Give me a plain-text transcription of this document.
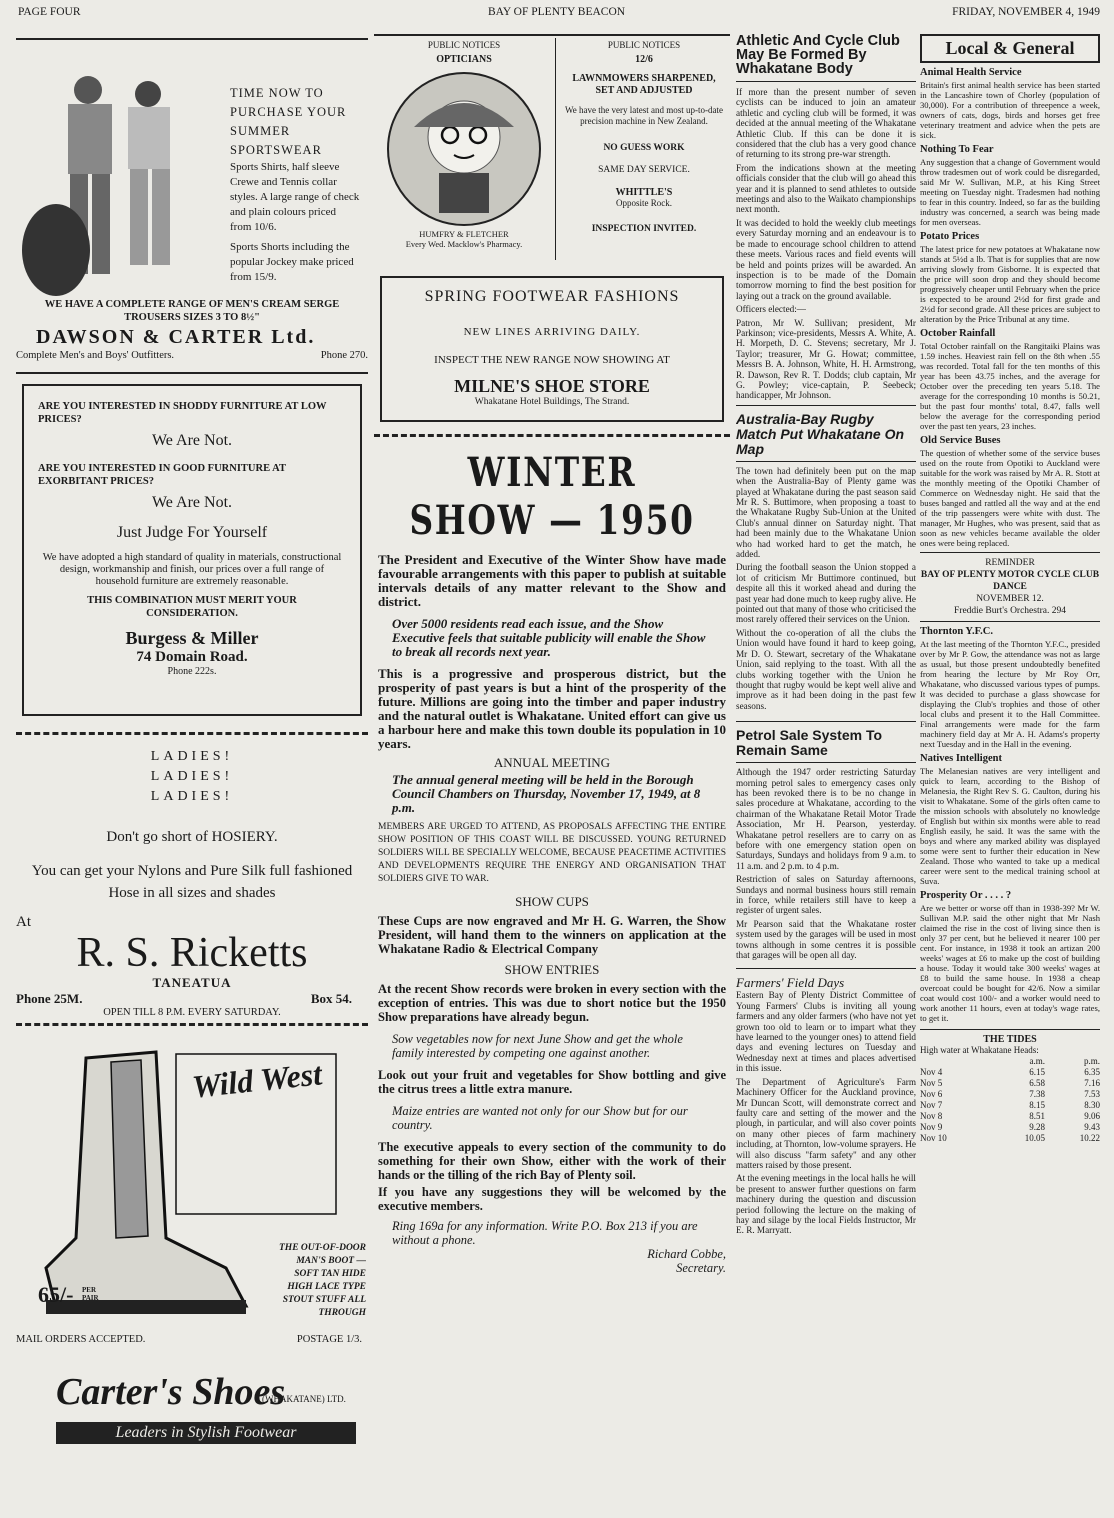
PAGE FOUR	BAY OF PLENTY BEACON	FRIDAY, NOVEMBER 4, 1949
TIME NOW TO PURCHASE YOUR SUMMER SPORTSWEAR
Sports Shirts, half sleeve Crewe and Tennis collar styles. A large range of check and plain colours priced from 10/6.
Sports Shorts including the popular Jockey make priced from 15/9.
WE HAVE A COMPLETE RANGE OF MEN'S CREAM SERGE TROUSERS SIZES 3 TO 8½"
DAWSON & CARTER Ltd.
Complete Men's and Boys' Outfitters.	Phone 270.
ARE YOU INTERESTED IN SHODDY FURNITURE AT LOW PRICES?
We Are Not.
ARE YOU INTERESTED IN GOOD FURNITURE AT EXORBITANT PRICES?
We Are Not.
Just Judge For Yourself
We have adopted a high standard of quality in materials, constructional design, workmanship and finish, our prices over a full range of household furniture are extremely reasonable.
THIS COMBINATION MUST MERIT YOUR CONSIDERATION.
Burgess & Miller
74 Domain Road.
Phone 222s.
LADIES!
LADIES!
LADIES!
Don't go short of HOSIERY.
You can get your Nylons and Pure Silk full fashioned Hose in all sizes and shades
At
R. S. Ricketts
TANEATUA
Phone 25M.	Box 54.
OPEN TILL 8 P.M. EVERY SATURDAY.
Wild West
THE OUT-OF-DOOR MAN'S BOOT —
SOFT TAN HIDE
HIGH LACE TYPE
STOUT STUFF ALL THROUGH
65/- PER PAIR
MAIL ORDERS ACCEPTED.	POSTAGE 1/3.
Carter's Shoes
(WHAKATANE) LTD.
Leaders in Stylish Footwear
PUBLIC NOTICES
OPTICIANS
HUMFRY & FLETCHER
Every Wed. Macklow's Pharmacy.
PUBLIC NOTICES
12/6
LAWNMOWERS SHARPENED, SET AND ADJUSTED
We have the very latest and most up-to-date precision machine in New Zealand.
NO GUESS WORK
SAME DAY SERVICE.
WHITTLE'S
Opposite Rock.
INSPECTION INVITED.
SPRING FOOTWEAR FASHIONS
NEW LINES ARRIVING DAILY.
INSPECT THE NEW RANGE NOW SHOWING AT
MILNE'S SHOE STORE
Whakatane Hotel Buildings, The Strand.
WINTER SHOW — 1950

The President and Executive of the Winter Show have made favourable arrangements with this paper to publish at suitable intervals details of any matter relevant to the Show and district.

Over 5000 residents read each issue, and the Show Executive feels that suitable publicity will enable the Show to break all records next year.

This is a progressive and prosperous district, but the prosperity of past years is but a hint of the prosperity of the future. Millions are going into the timber and paper industry and the natural outlet is Whakatane. United effort can give us a harbour here and make this town double its population in 10 years.

ANNUAL MEETING

The annual general meeting will be held in the Borough Council Chambers on Thursday, November 17, 1949, at 8 p.m.

MEMBERS ARE URGED TO ATTEND, AS PROPOSALS AFFECTING THE ENTIRE SHOW POSITION OF THIS COAST WILL BE DISCUSSED. YOUNG RETURNED SOLDIERS WILL BE SPECIALLY WELCOME, BECAUSE PEACETIME ACTIVITIES AND DEVELOPMENTS REQUIRE THE ENERGY AND ORGANISATION THAT SOLDIERS GIVE TO WAR.

SHOW CUPS

These Cups are now engraved and Mr H. G. Warren, the Show President, will hand them to the winners on application at the Whakatane Radio & Electrical Company

SHOW ENTRIES

At the recent Show records were broken in every section with the exception of entries. This was due to short notice but the 1950 Show preparations have already begun.

Sow vegetables now for next June Show and get the whole family interested by competing one against another.

Look out your fruit and vegetables for Show bottling and give the citrus trees a little extra manure.

Maize entries are wanted not only for our Show but for our country.

The executive appeals to every section of the community to do something for their own Show, either with the work of their hands or the tilling of the rich Bay of Plenty soil.

If you have any suggestions they will be welcomed by the executive members.

Ring 169a for any information. Write P.O. Box 213 if you are without a phone.

Richard Cobbe,
Secretary.
Athletic And Cycle Club May Be Formed By Whakatane Body

If more than the present number of seven cyclists can be induced to join an amateur athletic and cycling club will be formed, it was decided at the annual meeting of the Whakatane Athletic Club. If this can be done it is considered that the club has a very good chance of returning to its strong pre-war strength.

From the indications shown at the meeting officials consider that the club will go ahead this year and it is planned to send athletes to outside meetings and also to the Waikato championships next month.

It was decided to hold the weekly club meetings every Saturday morning and an endeavour is to be made to encourage school children to attend these meets. Various races and field events will be held and points prizes will be awarded. An inspection is to be made of the Domain tomorrow morning to find the best position for laying out a track on the ground available.

Officers elected:—

Patron, Mr W. Sullivan; president, Mr Parkinson; vice-presidents, Messrs A. White, A. H. Morpeth, D. C. Stevens; secretary, Mr J. Taylor; treasurer, Mr G. Howat; committee, Messrs B. A. Johnson, White, H. H. Armstrong, R. Dawson, Rev R. T. Dodds; club captain, Mr G. Powley; vice-captain, P. Seebeck; handicapper, Mr Johnson.

Australia-Bay Rugby Match Put Whakatane On Map

The town had definitely been put on the map when the Australia-Bay of Plenty game was played at Whakatane during the past season said Mr R. S. Buttimore, when proposing a toast to the Whakatane Rugby Sub-Union at the United Club's annual dinner on Saturday night. That had been mainly due to the Whakatane Union who had worked hard to get the match, he added.

During the football season the Union stopped a lot of criticism Mr Buttimore continued, but despite all this it worked ahead and during the past year had done much to keep rugby alive. He pointed out that many of those who criticised the most rarely offered their services on the Union.

Without the co-operation of all the clubs the Union would have found it hard to keep going, Mr D. O. Stewart, secretary of the Whakatane Union, said replying to the toast. With all the clubs working together with the Union he thought that rugby would be kept well alive and improve as it had been doing in the past few seasons.

Petrol Sale System To Remain Same

Although the 1947 order restricting Saturday morning petrol sales to emergency cases only has been revoked there is to be no change in sales procedure at Whakatane, according to the chairman of the Whakatane Retail Motor Trade Association, Mr H. Pearson, yesterday. Whakatane petrol resellers are to carry on as before with one emergency station open on Saturdays, Sundays and holidays from 9 a.m. to 11 a.m. and 2 p.m. to 4 p.m.

Restriction of sales on Saturday afternoons, Sundays and normal business hours still remain in force, while retailers still have to keep a register of urgent sales.

Mr Pearson said that the Whakatane roster system used by the garages will be used in most towns although in some centres it is possible that garages will be open all day.

Farmers' Field Days

Eastern Bay of Plenty District Committee of Young Farmers' Clubs is inviting all young farmers and any older farmers (who have not yet grown too old to learn or to impart what they have learned to the younger ones) to attend field days and evening lectures on Tuesday and Wednesday next at times and places advertised in this issue.

The Department of Agriculture's Farm Machinery Officer for the Auckland province, Mr Duncan Scott, will demonstrate correct and faulty care and setting of the mower and the plough, in particular, and will also cover points on many other pieces of farm machinery including, at Thornton, low-volume sprayers. He will also discuss "farm safety" and any other matters raised by those present.

At the evening meetings in the local halls he will be present to answer further questions on farm machinery during the question and discussion period following the lecture on the making of hay and silage by the local Fields Instructor, Mr E. R. Marryatt.

Local & General
Animal Health Service

Britain's first animal health service has been started in the Lancashire town of Chorley (population of 30,000). For a contribution of threepence a week, owners of cats, dogs, birds and horses get free veterinary treatment and advice when the pets are sick.

Nothing To Fear

Any suggestion that a change of Government would throw tradesmen out of work could be disregarded, said Mr W. Sullivan, M.P., at his King Street meeting on Tuesday night. Tradesmen had nothing to fear in this country. Indeed, so far as the building industry was concerned, a search was being made for men overseas.

Potato Prices

The latest price for new potatoes at Whakatane now stands at 5½d a lb. That is for supplies that are now arriving slowly from Gisborne. It is expected that the price will soon drop and they should become progressively cheaper until February when the price is expected to be around 2½d for first grade and 2½d for second grade. All these prices are subject to alteration by the Price Tribunal at any time.

October Rainfall

Total October rainfall on the Rangitaiki Plains was 1.59 inches. Heaviest rain fell on the 8th when .55 was recorded. Total fall for the ten months of this year has been 43.75 inches, and the average for October over the preceding ten years 5.18. The average for the corresponding 10 months is 50.21, but the past four months' total, 8.47, falls well below the average for the corresponding period over the past ten years, 23 inches.

Old Service Buses

The question of whether some of the service buses used on the route from Opotiki to Auckland were suitable for the work was raised by Mr A. R. Stott at the monthly meeting of the Opotiki Chamber of Commerce on Wednesday night. He said that the buses banged and rattled all the way and at the end of the trip passengers were white with dust. The manager, Mr Hughes, who was present, said that as soon as new vehicles became available the older ones were being replaced.

REMINDER
BAY OF PLENTY MOTOR CYCLE CLUB DANCE
NOVEMBER 12.
Freddie Burt's Orchestra. 294
Thornton Y.F.C.

At the last meeting of the Thornton Y.F.C., presided over by Mr P. Gow, the attendance was not as large as usual, but those present undoubtedly benefited from hearing the lecture by Mr Roy Orr, Whakatane, who discussed various types of pumps. It was decided to purchase a glass showcase for displaying the Club's trophies and those of other local clubs and present it to the Hall Committee. Final arrangements were made for the farm machinery field day at Mr A. H. Adams's property next Tuesday and in the Hall in the evening.

Natives Intelligent

The Melanesian natives are very intelligent and quick to learn, according to the Bishop of Melanesia, the Right Rev S. G. Caulton, during his visit to Whakatane. Some of the girls often came to the mission schools with absolutely no knowledge of English but within six months were able to read English easily, he said. It was the same with the boys and where any marked ability was displayed some were sent to further their education in New Zealand. Those who wanted to take up a medical career were sent to the medical training school at Suva.

Prosperity Or . . . . ?

Are we better or worse off than in 1938-39? Mr W. Sullivan M.P. said the other night that Mr Nash claimed the rise in the cost of living since then is only 37 per cent, but he believed it nearer 100 per cent. For instance, in 1938 it took an artizan 200 weeks' wages at £6 to make up the cost of building a house. Today it would take 300 weeks' wages at £8 to build the same house. In 1938 a cheap overcoat could be bought for 42/6. Now a similar coat would cost 100/- and a worker would need to work another 11 hours, even at today's wage rates, to get it.

THE TIDES
High water at Whakatane Heads:
a.m.	p.m.
Nov 4	6.15	6.35
Nov 5	6.58	7.16
Nov 6	7.38	7.53
Nov 7	8.15	8.30
Nov 8	8.51	9.06
Nov 9	9.28	9.43
Nov 10	10.05	10.22
